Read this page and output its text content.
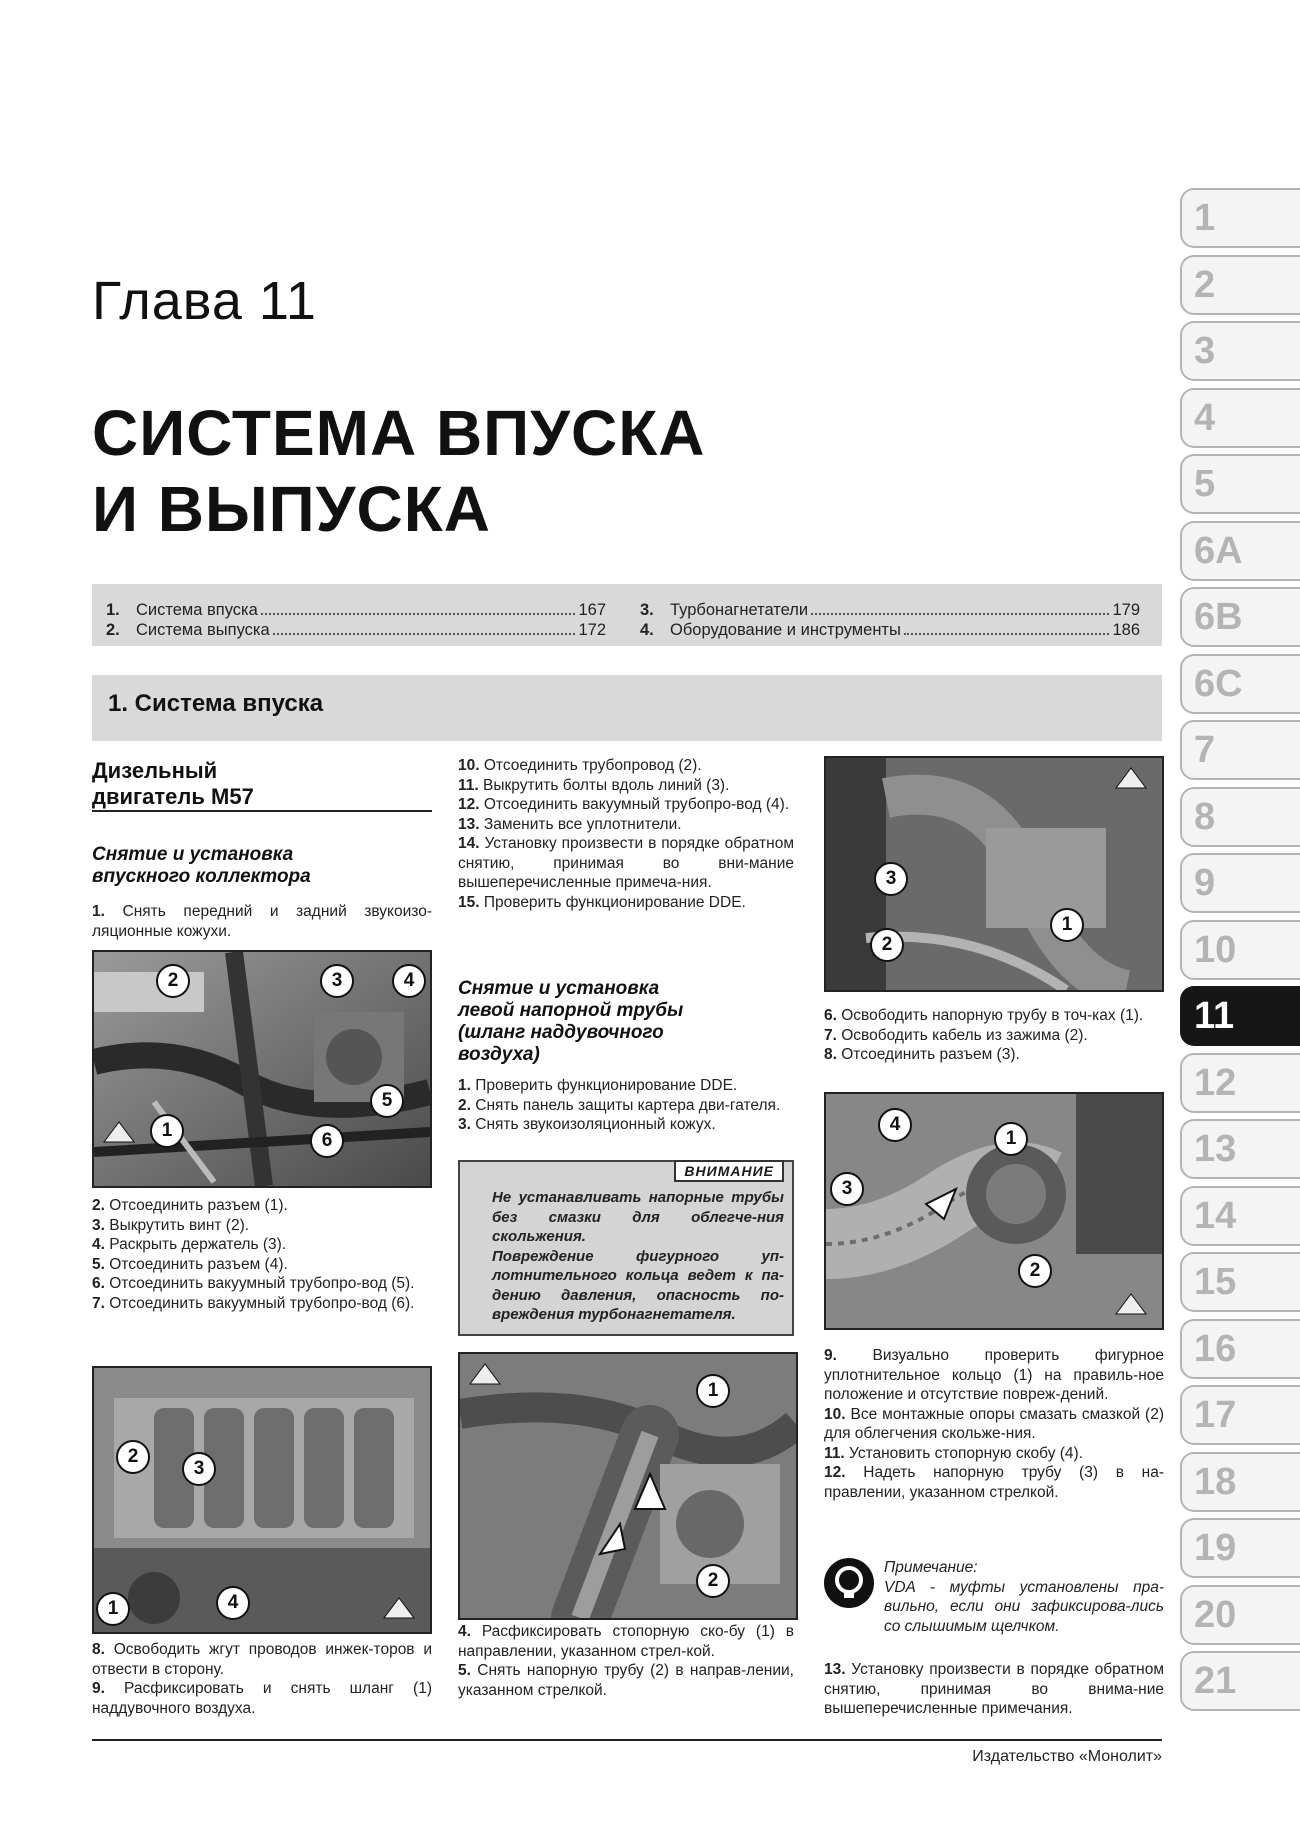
Глава 11
СИСТЕМА ВПУСКА
И ВЫПУСКА
1. Система впуска	167
2. Система выпуска	172
3. Турбонагнетатели	179
4. Оборудование и инструменты	186
1. Система впуска
1
2
3
4
5
6A
6B
6C
7
8
9
10
11
12
13
14
15
16
17
18
19
20
21
Дизельный
двигатель M57
Снятие и установка
впускного коллектора

1. Снять передний и задний звукоизо-ляционные кожухи.

2	3	4
1
5
6

2. Отсоединить разъем (1).

3. Выкрутить винт (2).

4. Раскрыть держатель (3).

5. Отсоединить разъем (4).

6. Отсоединить вакуумный трубопро-вод (5).

7. Отсоединить вакуумный трубопро-вод (6).

2
3
1	4

8. Освободить жгут проводов инжек-торов и отвести в сторону.

9. Расфиксировать и снять шланг (1) наддувочного воздуха.

10. Отсоединить трубопровод (2).

11. Выкрутить болты вдоль линий (3).

12. Отсоединить вакуумный трубопро-вод (4).

13. Заменить все уплотнители.

14. Установку произвести в порядке обратном снятию, принимая во вни-мание вышеперечисленные примеча-ния.

15. Проверить функционирование DDE.

Снятие и установка
левой напорной трубы
(шланг наддувочного
воздуха)

1. Проверить функционирование DDE.

2. Снять панель защиты картера дви-гателя.

3. Снять звукоизоляционный кожух.

ВНИМАНИЕ

Не устанавливать напорные трубы без смазки для облегче-ния скольжения.

Повреждение фигурного уп-лотнительного кольца ведет к па-дению давления, опасность по-вреждения турбонагнетателя.

1
2

4. Расфиксировать стопорную ско-бу (1) в направлении, указанном стрел-кой.

5. Снять напорную трубу (2) в направ-лении, указанном стрелкой.

3
2
1

6. Освободить напорную трубу в точ-ках (1).

7. Освободить кабель из зажима (2).

8. Отсоединить разъем (3).

4
1
3
2

9. Визуально проверить фигурное уплотнительное кольцо (1) на правиль-ное положение и отсутствие повреж-дений.

10. Все монтажные опоры смазать смазкой (2) для облегчения скольже-ния.

11. Установить стопорную скобу (4).

12. Надеть напорную трубу (3) в на-правлении, указанном стрелкой.

Примечание:
VDA - муфты установлены пра-вильно, если они зафиксирова-лись со слышимым щелчком.

13. Установку произвести в порядке обратном снятию, принимая во внима-ние вышеперечисленные примечания.

Издательство «Монолит»
